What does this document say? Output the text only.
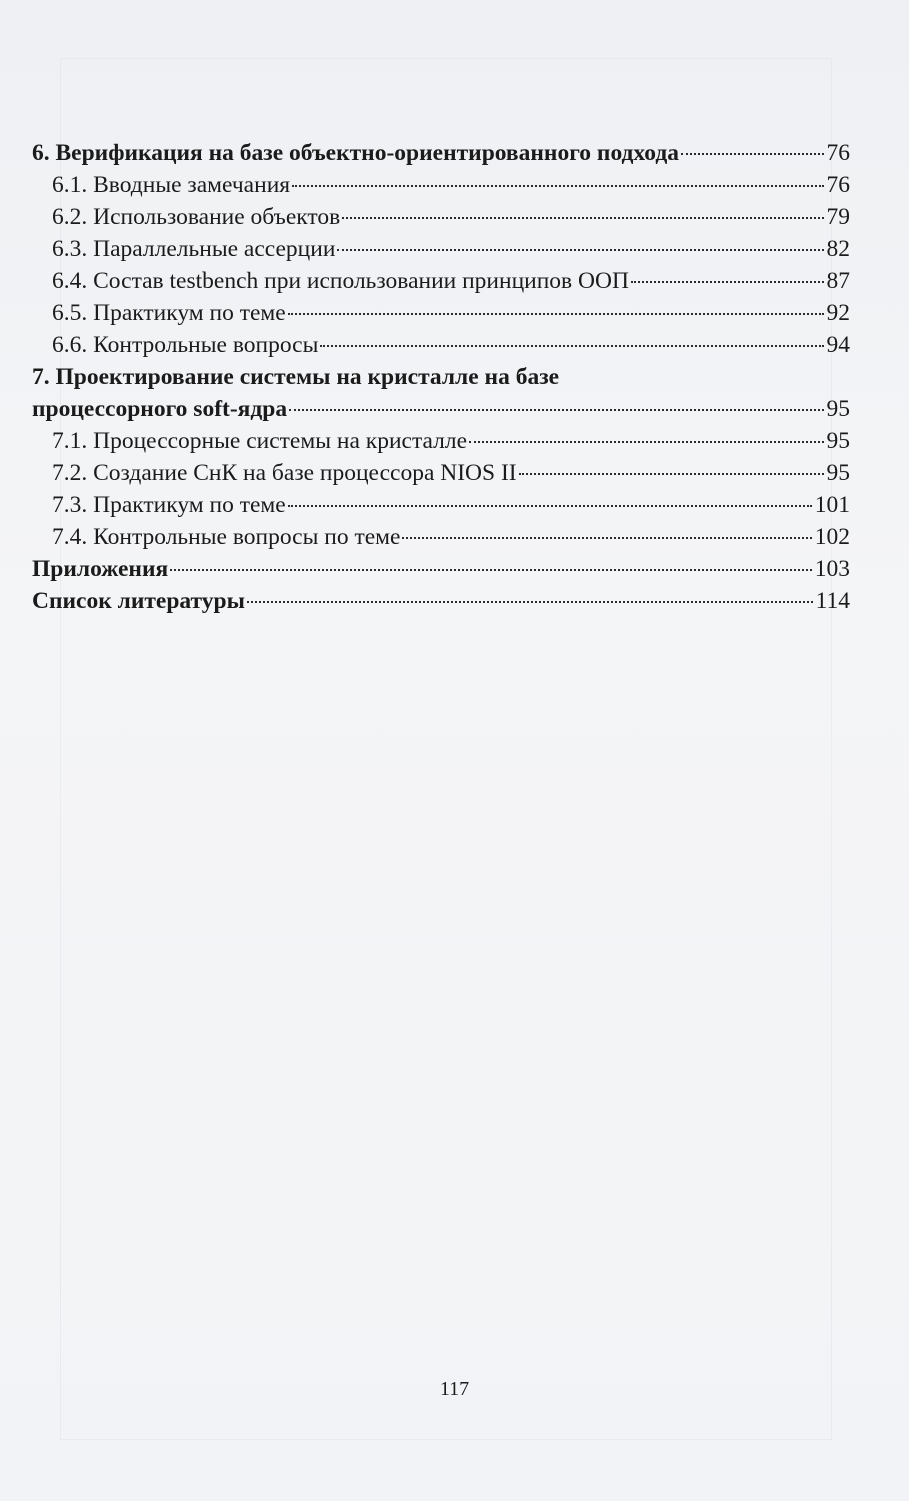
6. Верификация на базе объектно-ориентированного подхода	76
6.1. Вводные замечания	76
6.2. Использование объектов	79
6.3. Параллельные ассерции	82
6.4. Состав testbench при использовании принципов ООП	87
6.5. Практикум по теме	92
6.6. Контрольные вопросы	94
7. Проектирование системы на кристалле на базе
процессорного soft-ядра	95
7.1. Процессорные системы на кристалле	95
7.2. Создание СнК на базе процессора NIOS II	95
7.3. Практикум по теме	101
7.4. Контрольные вопросы по теме	102
Приложения	103
Список литературы	114
117
